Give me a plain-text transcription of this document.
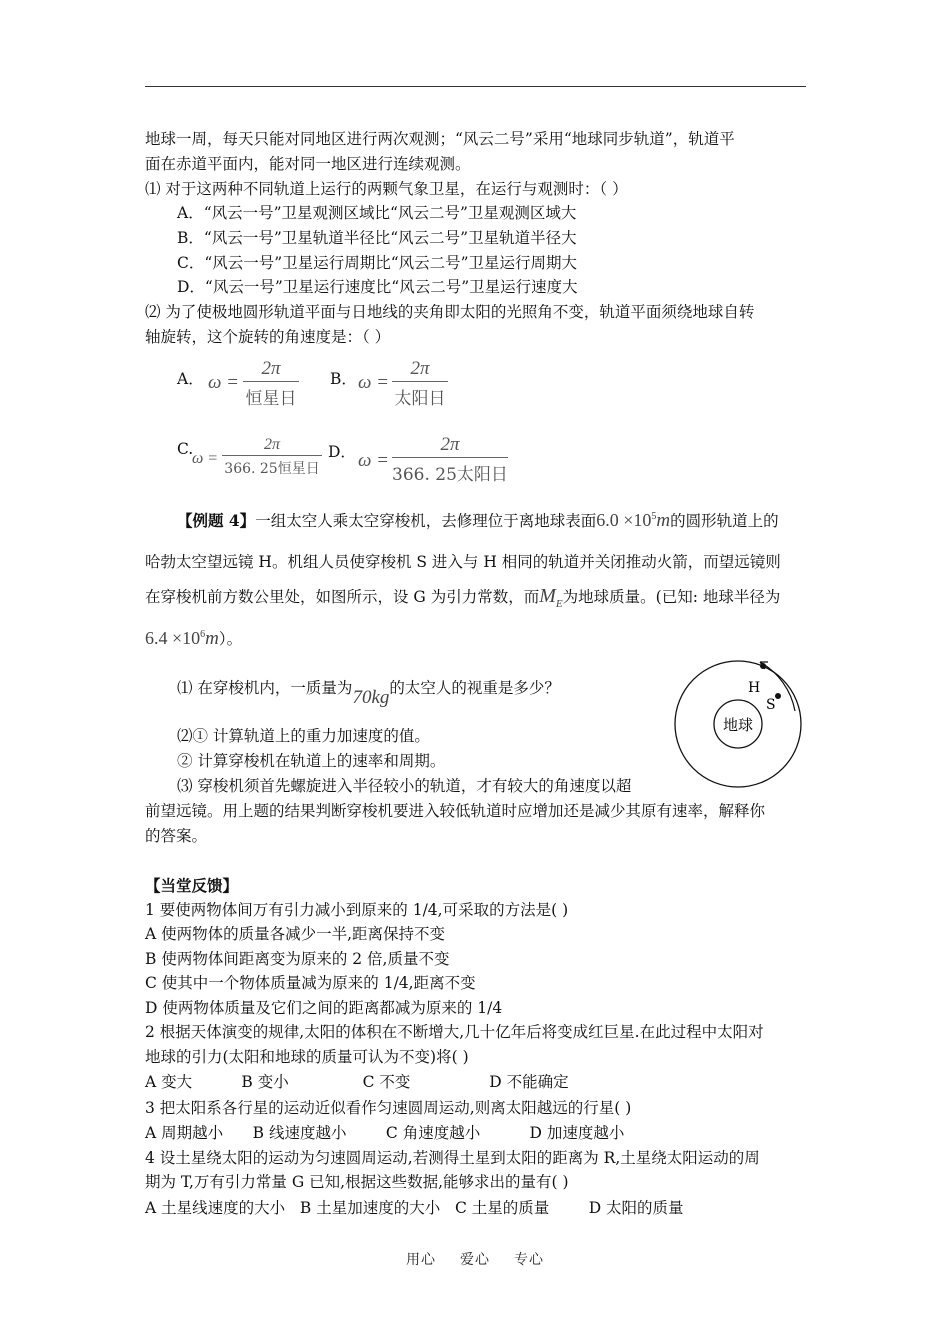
地球一周，每天只能对同地区进行两次观测；“风云二号”采用“地球同步轨道”，轨道平
面在赤道平面内，能对同一地区进行连续观测。
⑴ 对于这两种不同轨道上运行的两颗气象卫星，在运行与观测时：（ ）
A．“风云一号”卫星观测区域比“风云二号”卫星观测区域大
B．“风云一号”卫星轨道半径比“风云二号”卫星轨道半径大
C．“风云一号”卫星运行周期比“风云二号”卫星运行周期大
D．“风云一号”卫星运行速度比“风云二号”卫星运行速度大
⑵ 为了使极地圆形轨道平面与日地线的夹角即太阳的光照角不变，轨道平面须绕地球自转
轴旋转，这个旋转的角速度是：（ ）
A． ω =
2π
恒星日
B． ω =
2π
太阳日
C.
ω =
2π
366. 25恒星日
D． ω =
2π
366. 25太阳日
【例题 4】一组太空人乘太空穿梭机，去修理位于离地球表面$6.0 \times 10^5m$的圆形轨道上的
哈勃太空望远镜 H。机组人员使穿梭机 S 进入与 H 相同的轨道并关闭推动火箭，而望远镜则
在穿梭机前方数公里处，如图所示，设 G 为引力常数，而$M_E$为地球质量。(已知: 地球半径为
$6.4 \times 10^6m$）。
⑴ 在穿梭机内，一质量为70kg的太空人的视重是多少？
⑵① 计算轨道上的重力加速度的值。
② 计算穿梭机在轨道上的速率和周期。
⑶ 穿梭机须首先螺旋进入半径较小的轨道，才有较大的角速度以超
前望远镜。用上题的结果判断穿梭机要进入较低轨道时应增加还是减少其原有速率，解释你
的答案。
地球
H
S
【当堂反馈】
1 要使两物体间万有引力减小到原来的 1/4,可采取的方法是( )
A 使两物体的质量各减少一半,距离保持不变
B 使两物体间距离变为原来的 2 倍,质量不变
C 使其中一个物体质量减为原来的 1/4,距离不变
D 使两物体质量及它们之间的距离都减为原来的 1/4
2 根据天体演变的规律,太阳的体积在不断增大,几十亿年后将变成红巨星.在此过程中太阳对
地球的引力(太阳和地球的质量可认为不变)将( )
A 变大          B 变小               C 不变                D 不能确定
3 把太阳系各行星的运动近似看作匀速圆周运动,则离太阳越远的行星( )
A 周期越小      B 线速度越小        C 角速度越小          D 加速度越小
4 设土星绕太阳的运动为匀速圆周运动,若测得土星到太阳的距离为 R,土星绕太阳运动的周
期为 T,万有引力常量 G 已知,根据这些数据,能够求出的量有( )
A 土星线速度的大小   B 土星加速度的大小   C 土星的质量        D 太阳的质量
用心 爱心 专心
